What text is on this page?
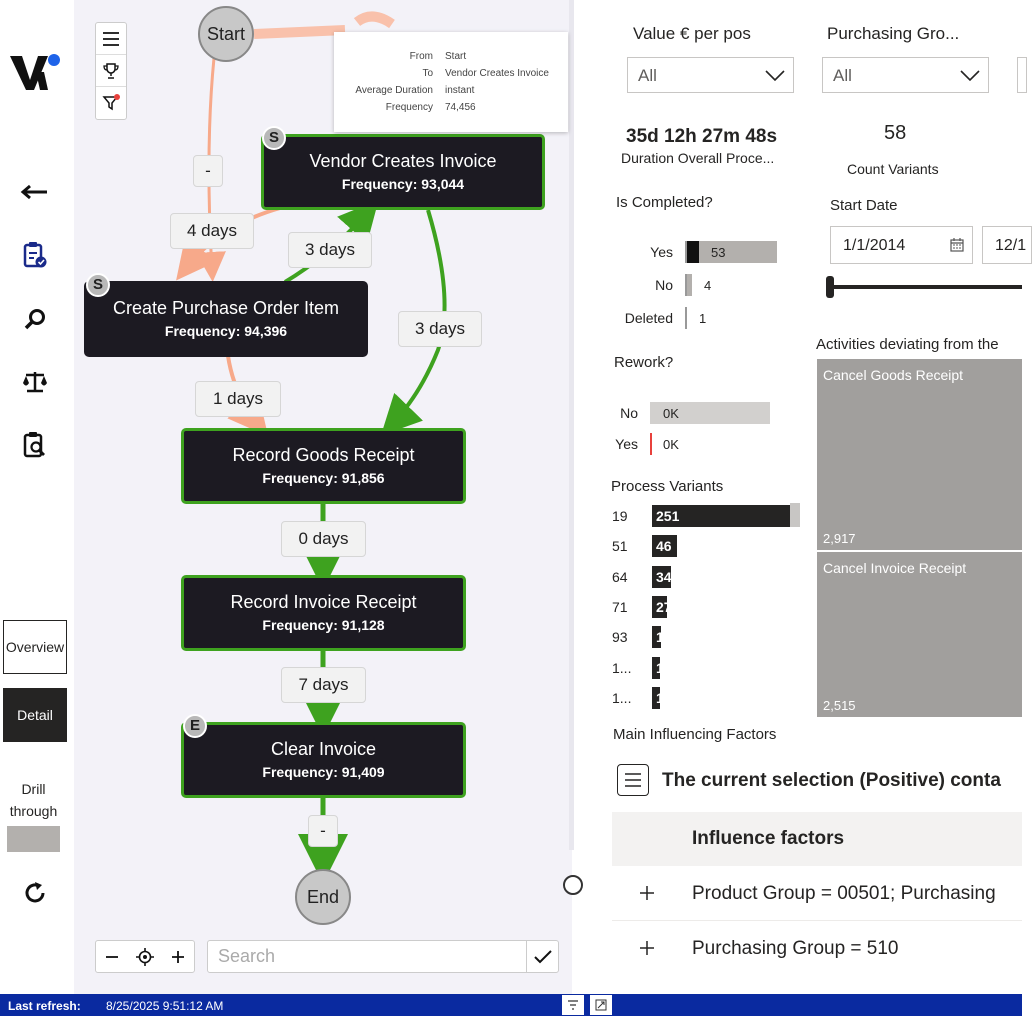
Overview
Detail
Drill through
Start
End
Vendor Creates Invoice
Frequency: 93,044
S
Create Purchase Order Item
Frequency: 94,396
S
Record Goods Receipt
Frequency: 91,856
Record Invoice Receipt
Frequency: 91,128
Clear Invoice
Frequency: 91,409
E
-
4 days
3 days
3 days
1 days
0 days
7 days
-
From Start
To Vendor Creates Invoice
Average Duration instant
Frequency 74,456
Search
Value € per pos
All
Purchasing Gro...
All
35d 12h 27m 48s
Duration Overall Proce...
58
Count Variants
Is Completed?	Start Date
1/1/2014	12/1
Yes	53
No 4
Deleted 1
Rework?
No 0K
Yes 0K
Process Variants
19	251
51	46
64	34
71	27
93	17
1...	14
1...	13
Activities deviating from the
Cancel Goods Receipt
2,917
Cancel Invoice Receipt
2,515
Main Influencing Factors
The current selection (Positive) conta
Influence factors
Product Group = 00501; Purchasing
Purchasing Group = 510
Last refresh: 8/25/2025 9:51:12 AM
